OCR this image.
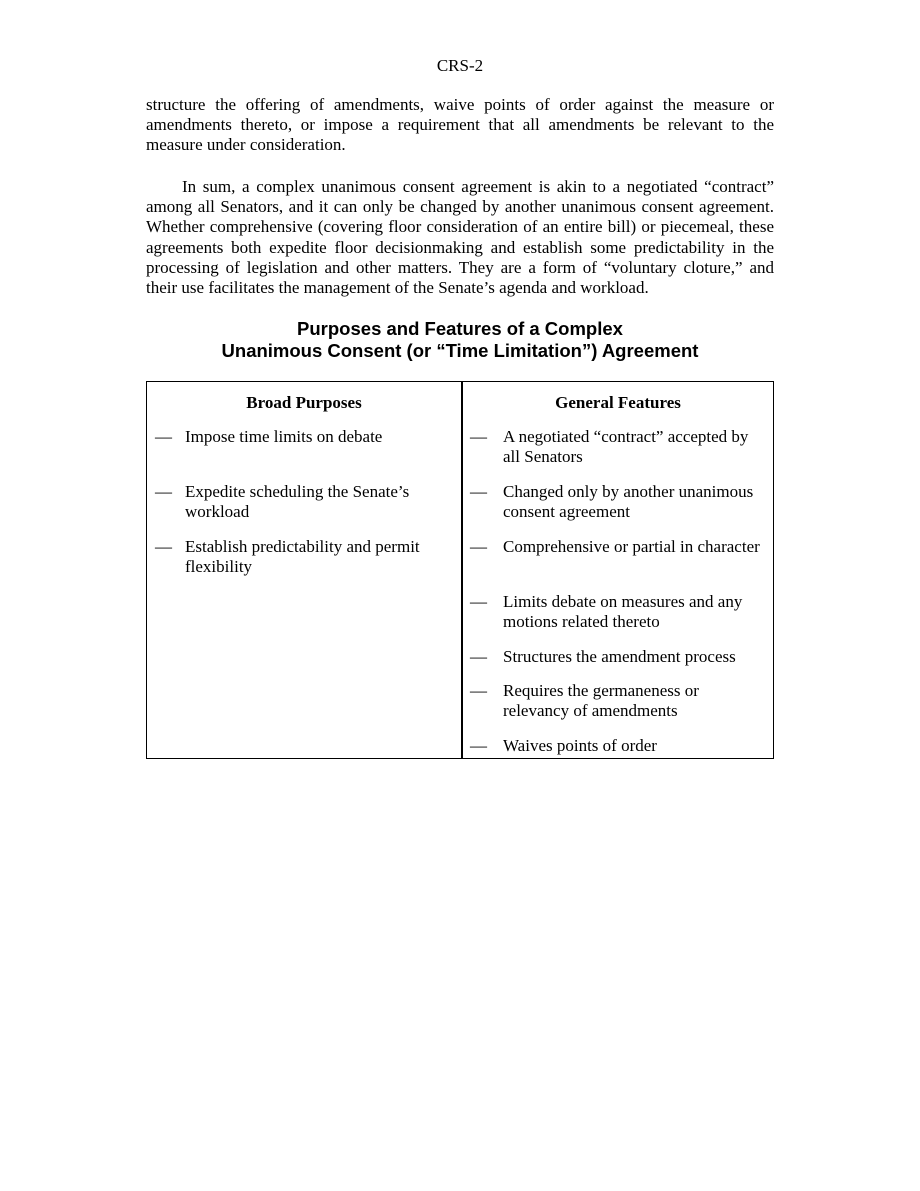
CRS-2

structure the offering of amendments, waive points of order against the measure or amendments thereto, or impose a requirement that all amendments be relevant to the measure under consideration.

In sum, a complex unanimous consent agreement is akin to a negotiated “contract” among all Senators, and it can only be changed by another unanimous consent agreement. Whether comprehensive (covering floor consideration of an entire bill) or piecemeal, these agreements both expedite floor decisionmaking and establish some predictability in the processing of legislation and other matters. They are a form of “voluntary cloture,” and their use facilitates the management of the Senate’s agenda and workload.

Purposes and Features of a Complex
Unanimous Consent (or “Time Limitation”) Agreement
Broad Purposes	General Features
— Impose time limits on debate
— Expedite scheduling the Senate’s workload
— Establish predictability and permit flexibility
— A negotiated “contract” accepted by all Senators
— Changed only by another unanimous consent agreement
— Comprehensive or partial in character
— Limits debate on measures and any motions related thereto
— Structures the amendment process
— Requires the germaneness or relevancy of amendments
— Waives points of order
